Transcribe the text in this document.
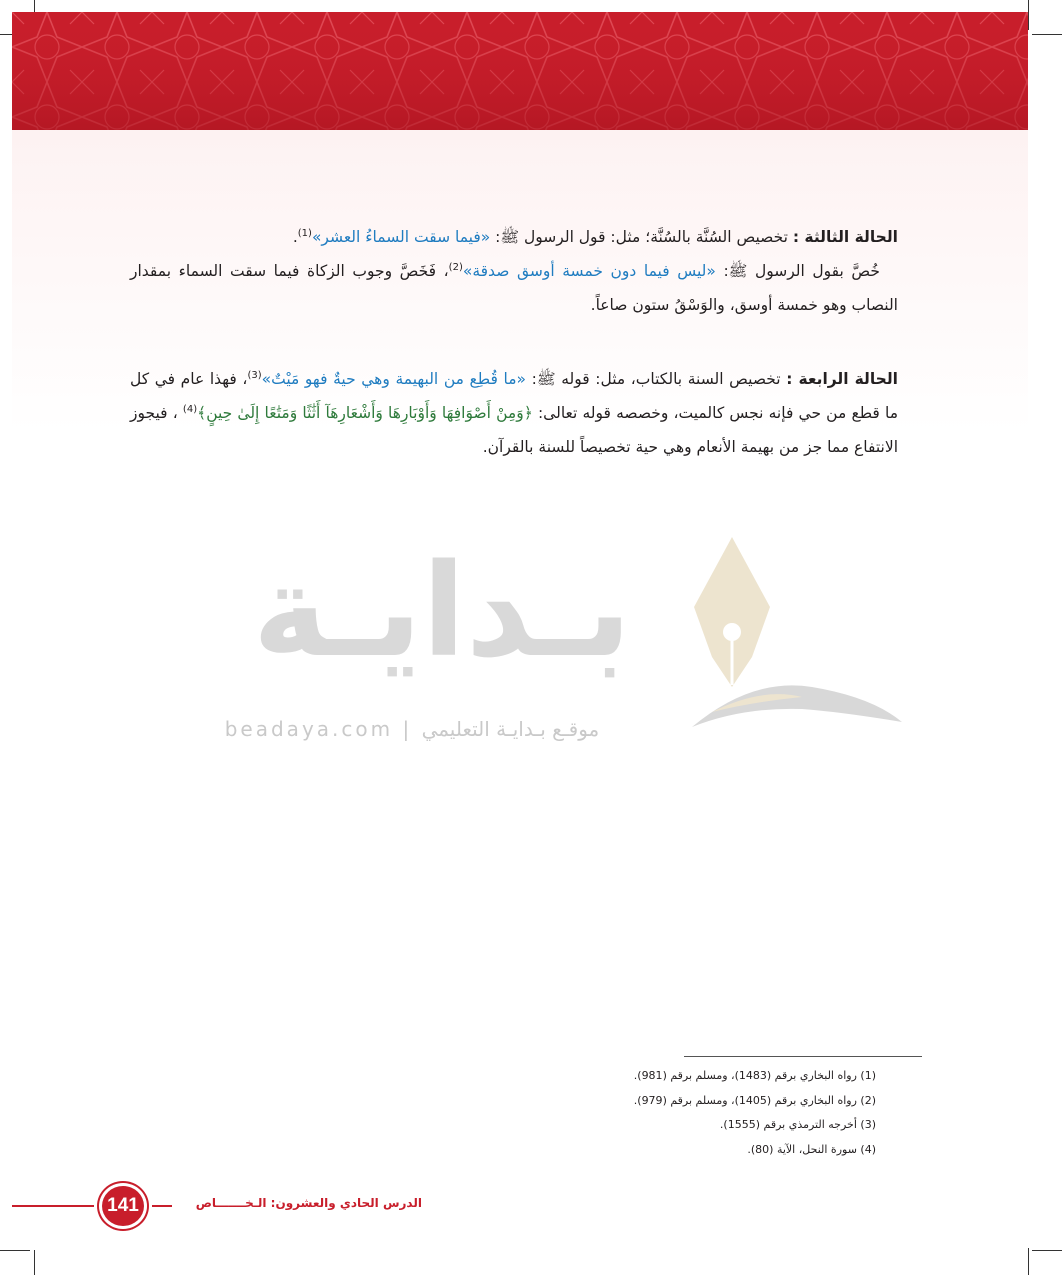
الحالة الثالثة : تخصيص السُنَّة بالسُنَّة؛ مثل: قول الرسول ﷺ: «فيما سقت السماءُ العشر»$^{(1)}$.
خُصَّ بقول الرسول ﷺ: «ليس فيما دون خمسة أوسق صدقة»$^{(2)}$، فَخَصَّ وجوب الزكاة فيما سقت السماء بمقدار النصاب وهو خمسة أوسق، والوَسْقُ ستون صاعاً.

الحالة الرابعة : تخصيص السنة بالكتاب، مثل: قوله ﷺ: «ما قُطِع من البهيمة وهي حيةٌ فهو مَيْتٌ»$^{(3)}$، فهذا عام في كل ما قطع من حي فإنه نجس كالميت، وخصصه قوله تعالى: ﴿وَمِنْ أَصْوَافِهَا وَأَوْبَارِهَا وَأَشْعَارِهَآ أَثَٰثًا وَمَتَٰعًا إِلَىٰ حِينٍ﴾$^{(4)}$ ، فيجوز الانتفاع مما جز من بهيمة الأنعام وهي حية تخصيصاً للسنة بالقرآن.

بـدايـة
beadaya.com | موقـع بـدايـة التعليمي
(1) رواه البخاري برقم (1483)، ومسلم برقم (981).
(2) رواه البخاري برقم (1405)، ومسلم برقم (979).
(3) أخرجه الترمذي برقم (1555).
(4) سورة النحل، الآية (80).
141	الدرس الحادي والعشرون: الـخـــــــاص
